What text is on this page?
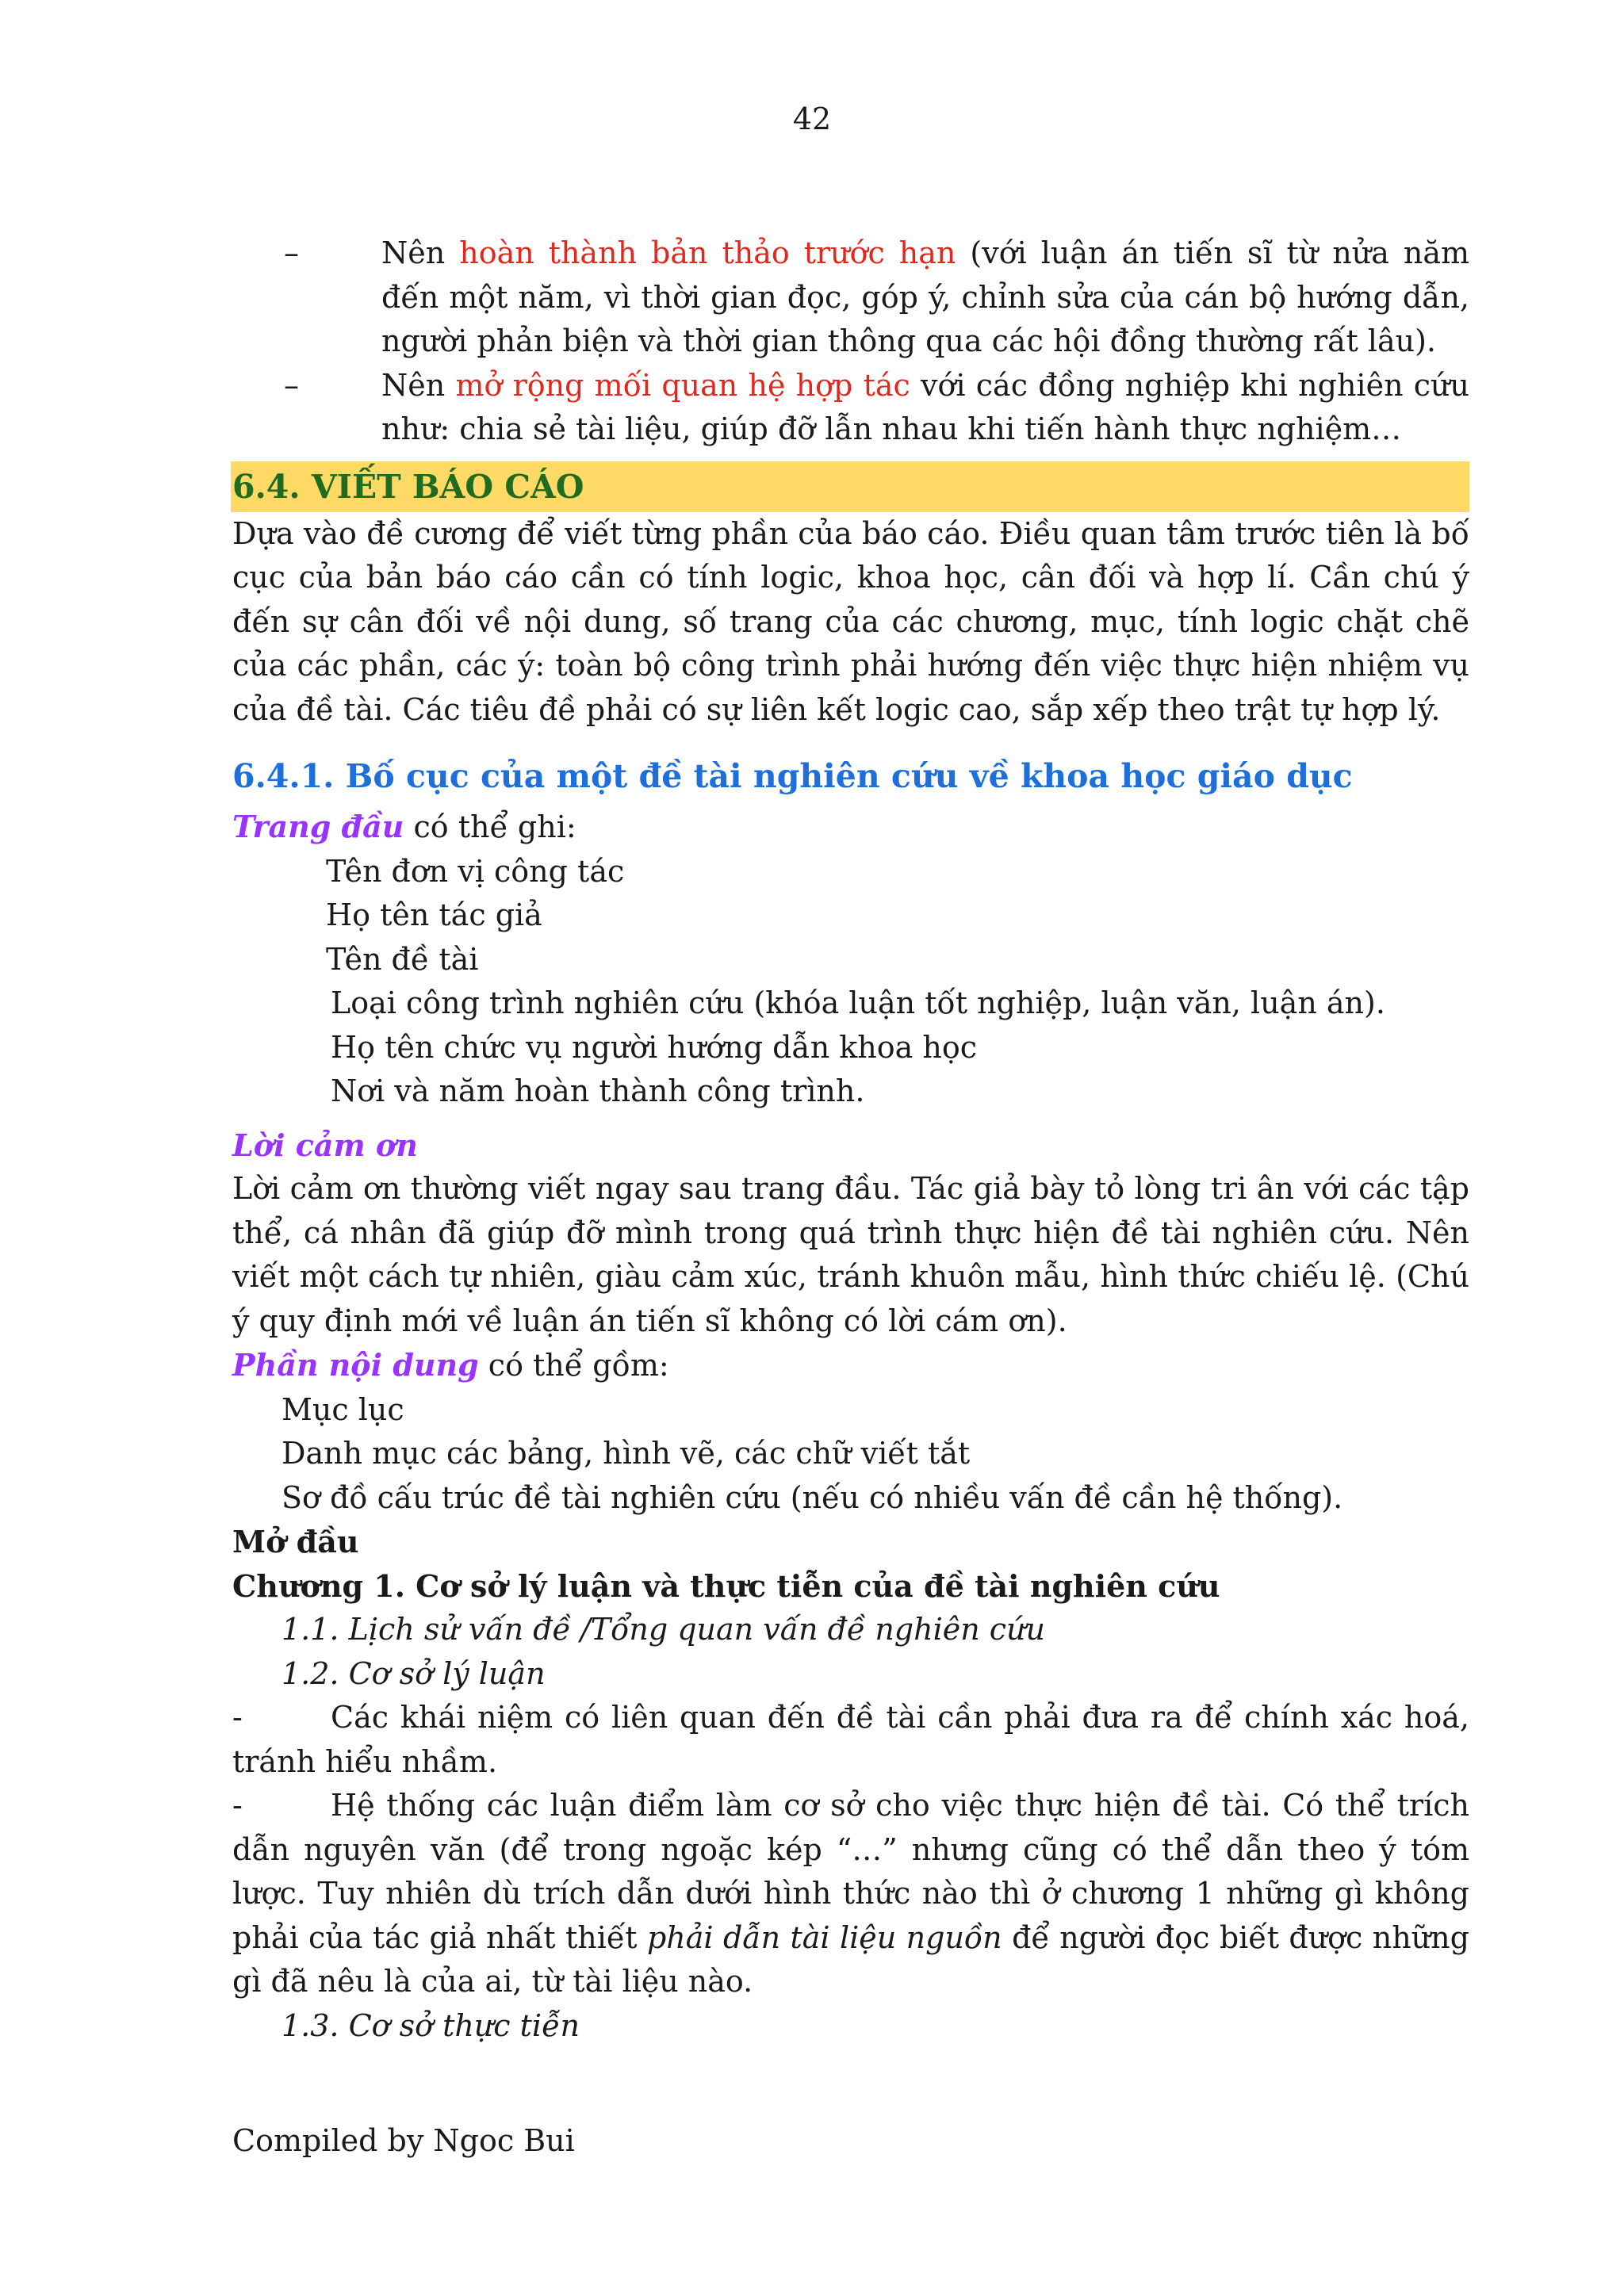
42
–	Nên hoàn thành bản thảo trước hạn (với luận án tiến sĩ từ nửa năm đến một năm, vì thời gian đọc, góp ý, chỉnh sửa của cán bộ hướng dẫn, người phản biện và thời gian thông qua các hội đồng thường rất lâu).
–	Nên mở rộng mối quan hệ hợp tác với các đồng nghiệp khi nghiên cứu như: chia sẻ tài liệu, giúp đỡ lẫn nhau khi tiến hành thực nghiệm…
6.4. VIẾT BÁO CÁO
Dựa vào đề cương để viết từng phần của báo cáo. Điều quan tâm trước tiên là bố cục của bản báo cáo cần có tính logic, khoa học, cân đối và hợp lí. Cần chú ý đến sự cân đối về nội dung, số trang của các chương, mục, tính logic chặt chẽ của các phần, các ý: toàn bộ công trình phải hướng đến việc thực hiện nhiệm vụ của đề tài. Các tiêu đề phải có sự liên kết logic cao, sắp xếp theo trật tự hợp lý.
6.4.1. Bố cục của một đề tài nghiên cứu về khoa học giáo dục
Trang đầu có thể ghi:
Tên đơn vị công tác
Họ tên tác giả
Tên đề tài
Loại công trình nghiên cứu (khóa luận tốt nghiệp, luận văn, luận án).
Họ tên chức vụ người hướng dẫn khoa học
Nơi và năm hoàn thành công trình.
Lời cảm ơn
Lời cảm ơn thường viết ngay sau trang đầu. Tác giả bày tỏ lòng tri ân với các tập thể, cá nhân đã giúp đỡ mình trong quá trình thực hiện đề tài nghiên cứu. Nên viết một cách tự nhiên, giàu cảm xúc, tránh khuôn mẫu, hình thức chiếu lệ. (Chú ý quy định mới về luận án tiến sĩ không có lời cám ơn).
Phần nội dung có thể gồm:
Mục lục
Danh mục các bảng, hình vẽ, các chữ viết tắt
Sơ đồ cấu trúc đề tài nghiên cứu (nếu có nhiều vấn đề cần hệ thống).
Mở đầu
Chương 1. Cơ sở lý luận và thực tiễn của đề tài nghiên cứu
1.1. Lịch sử vấn đề /Tổng quan vấn đề nghiên cứu
1.2. Cơ sở lý luận
-	Các khái niệm có liên quan đến đề tài cần phải đưa ra để chính xác hoá, tránh hiểu nhầm.
-	Hệ thống các luận điểm làm cơ sở cho việc thực hiện đề tài. Có thể trích dẫn nguyên văn (để trong ngoặc kép “…” nhưng cũng có thể dẫn theo ý tóm lược. Tuy nhiên dù trích dẫn dưới hình thức nào thì ở chương 1 những gì không phải của tác giả nhất thiết phải dẫn tài liệu nguồn để người đọc biết được những gì đã nêu là của ai, từ tài liệu nào.
1.3. Cơ sở thực tiễn
Compiled by Ngoc Bui
